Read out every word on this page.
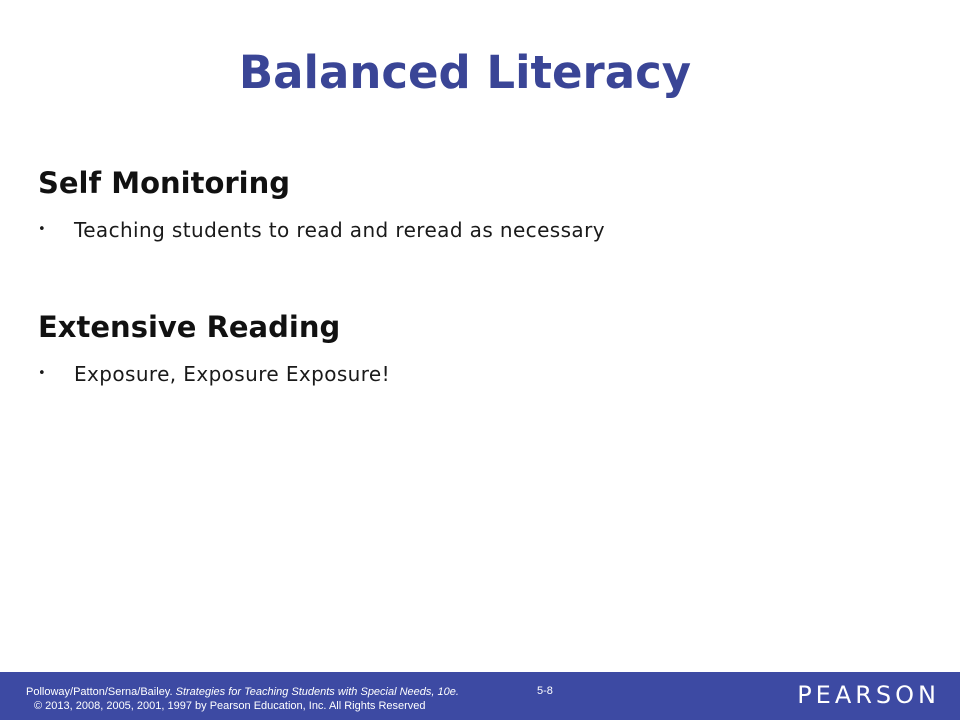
Balanced Literacy
Self Monitoring
• Teaching students to read and reread as necessary
Extensive Reading
• Exposure, Exposure Exposure!
Polloway/Patton/Serna/Bailey. Strategies for Teaching Students with Special Needs, 10e.
© 2013, 2008, 2005, 2001, 1997 by Pearson Education, Inc. All Rights Reserved
5-8	PEARSON
